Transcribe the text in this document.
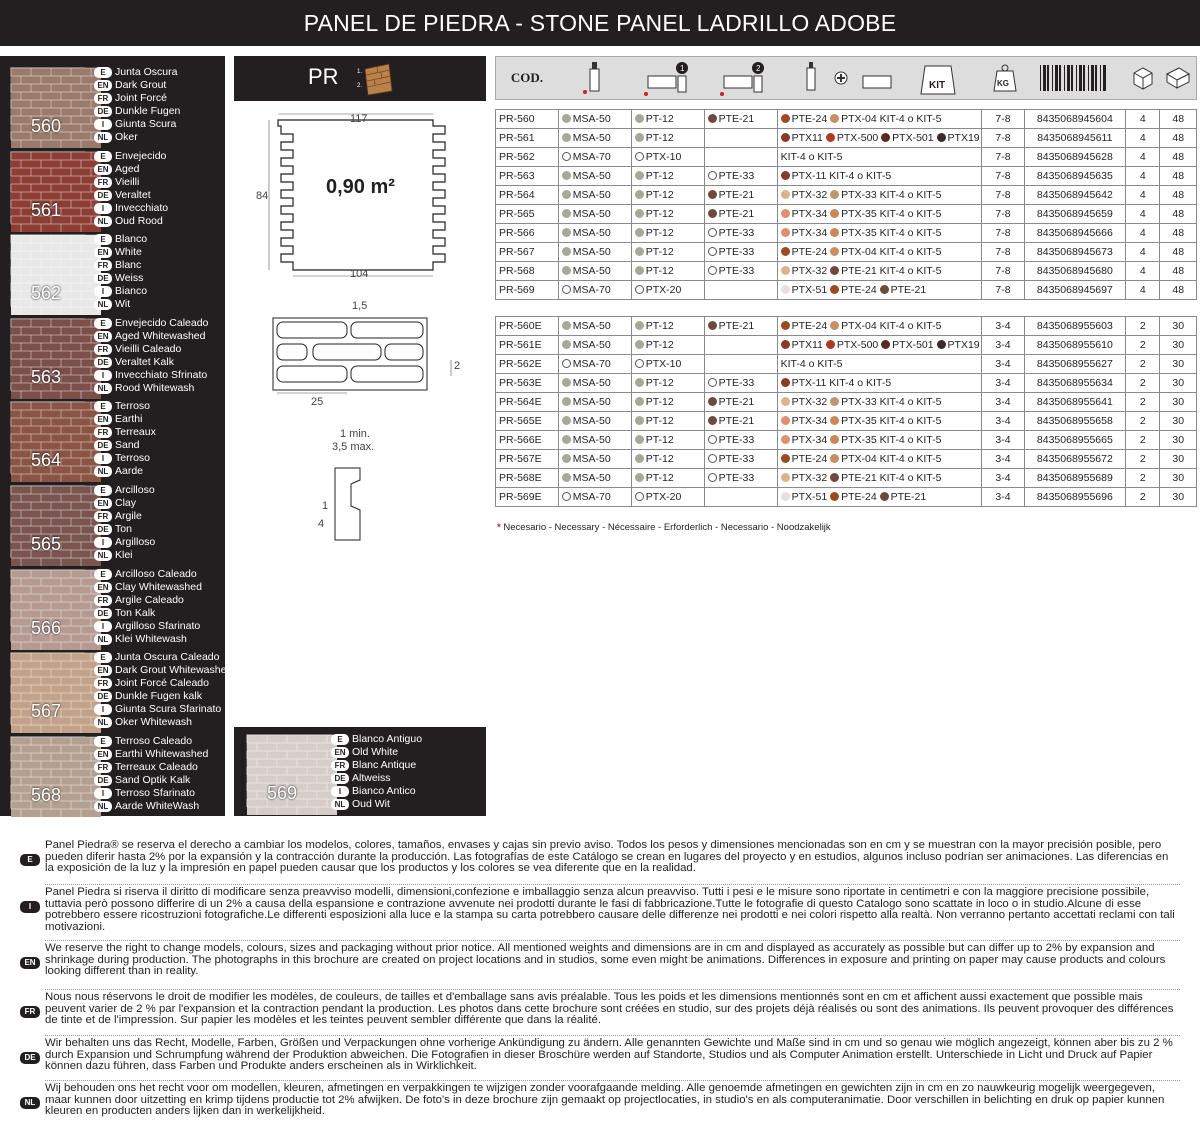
PANEL DE PIEDRA - STONE PANEL LADRILLO ADOBE
560
E Junta Oscura
EN Dark Grout
FR Joint Forcé
DE Dunkle Fugen
I	Giunta Scura
NL Oker
561
E Envejecido
EN Aged
FR Vieilli
DE Veraltet
I	Invecchiato
NL Oud Rood
562
E Blanco
EN White
FR Blanc
DE Weiss
I	Bianco
NL Wit
563
E Envejecido Caleado
EN Aged Whitewashed
FR Vieilli Caleado
DE Veraltet Kalk
I	Invecchiato Sfrinato
NL Rood Whitewash
564
E Terroso
EN Earthi
FR Terreaux
DE Sand
I	Terroso
NL Aarde
565
E Arcilloso
EN Clay
FR Argile
DE Ton
I	Argilloso
NL Klei
566
E Arcilloso Caleado
EN Clay Whitewashed
FR Argile Caleado
DE Ton Kalk
I	Argilloso Sfarinato
NL Klei Whitewash
567
E Junta Oscura Caleado
EN Dark Grout Whitewashed
FR Joint Forcé Caleado
DE Dunkle Fugen kalk
I	Giunta Scura Sfarinato
NL Oker Whitewash
568
E Terroso Caleado
EN Earthi Whitewashed
FR Terreaux Caleado
DE Sand Optik Kalk
I	Terroso Sfarinato
NL Aarde WhiteWash
PR	1.
2.
117
84
104
0,90 m²
1,5
2
25
1 min.
3,5 max.
1
4
569
E Blanco Antiguo
EN Old White
FR Blanc Antique
DE Altweiss
I	Bianco Antico
NL Oud Wit
COD.
1	2
KIT	KG
PR-560	MSA-50	PT-12	PTE-21	PTE-24 PTX-04 KIT-4 o KIT-5	7-8	8435068945604	4	48
PR-561	MSA-50	PT-12		PTX11 PTX-500 PTX-501 PTX19	7-8	8435068945611	4	48
PR-562	MSA-70	PTX-10		KIT-4 o KIT-5	7-8	8435068945628	4	48
PR-563	MSA-50	PT-12	PTE-33	PTX-11 KIT-4 o KIT-5	7-8	8435068945635	4	48
PR-564	MSA-50	PT-12	PTE-21	PTX-32 PTX-33 KIT-4 o KIT-5	7-8	8435068945642	4	48
PR-565	MSA-50	PT-12	PTE-21	PTX-34 PTX-35 KIT-4 o KIT-5	7-8	8435068945659	4	48
PR-566	MSA-50	PT-12	PTE-33	PTX-34 PTX-35 KIT-4 o KIT-5	7-8	8435068945666	4	48
PR-567	MSA-50	PT-12	PTE-33	PTE-24 PTX-04 KIT-4 o KIT-5	7-8	8435068945673	4	48
PR-568	MSA-50	PT-12	PTE-33	PTX-32 PTE-21 KIT-4 o KIT-5	7-8	8435068945680	4	48
PR-569	MSA-70	PTX-20		PTX-51 PTE-24 PTE-21	7-8	8435068945697	4	48
PR-560E	MSA-50	PT-12	PTE-21	PTE-24 PTX-04 KIT-4 o KIT-5	3-4	8435068955603	2	30
PR-561E	MSA-50	PT-12		PTX11 PTX-500 PTX-501 PTX19	3-4	8435068955610	2	30
PR-562E	MSA-70	PTX-10		KIT-4 o KIT-5	3-4	8435068955627	2	30
PR-563E	MSA-50	PT-12	PTE-33	PTX-11 KIT-4 o KIT-5	3-4	8435068955634	2	30
PR-564E	MSA-50	PT-12	PTE-21	PTX-32 PTX-33 KIT-4 o KIT-5	3-4	8435068955641	2	30
PR-565E	MSA-50	PT-12	PTE-21	PTX-34 PTX-35 KIT-4 o KIT-5	3-4	8435068955658	2	30
PR-566E	MSA-50	PT-12	PTE-33	PTX-34 PTX-35 KIT-4 o KIT-5	3-4	8435068955665	2	30
PR-567E	MSA-50	PT-12	PTE-33	PTE-24 PTX-04 KIT-4 o KIT-5	3-4	8435068955672	2	30
PR-568E	MSA-50	PT-12	PTE-33	PTX-32 PTE-21 KIT-4 o KIT-5	3-4	8435068955689	2	30
PR-569E	MSA-70	PTX-20		PTX-51 PTE-24 PTE-21	3-4	8435068955696	2	30
* Necesario - Necessary - Nécessaire - Erforderlich - Necessario - Noodzakelijk
E
Panel Piedra® se reserva el derecho a cambiar los modelos, colores, tamaños, envases y cajas sin previo aviso. Todos los pesos y dimensiones mencionadas son en cm y se muestran con la mayor precisión posible, pero pueden diferir hasta 2% por la expansión y la contracción durante la producción. Las fotografías de este Catálogo se crean en lugares del proyecto y en estudios, algunos incluso podrían ser animaciones. Las diferencias en la exposición de la luz y la impresión en papel pueden causar que los productos y los colores se vea diferente que en la realidad.
I
Panel Piedra si riserva il diritto di modificare senza preavviso modelli, dimensioni,confezione e imballaggio senza alcun preavviso. Tutti i pesi e le misure sono riportate in centimetri e con la maggiore precisione possibile, tuttavia però possono differire di un 2% a causa della espansione e contrazione avvenute nei prodotti durante le fasi di fabbricazione.Tutte le fotografie di questo Catalogo sono scattate in loco o in studio.Alcune di esse potrebbero essere ricostruzioni fotografiche.Le differenti esposizioni alla luce e la stampa su carta potrebbero causare delle differenze nei prodotti e nei colori rispetto alla realtà. Non verranno pertanto accettati reclami con tali motivazioni.
EN
We reserve the right to change models, colours, sizes and packaging without prior notice. All mentioned weights and dimensions are in cm and displayed as accurately as possible but can differ up to 2% by expansion and shrinkage during production. The photographs in this brochure are created on project locations and in studios, some even might be animations. Differences in exposure and printing on paper may cause products and colours looking different than in reality.
FR
Nous nous réservons le droit de modifier les modèles, de couleurs, de tailles et d'emballage sans avis préalable. Tous les poids et les dimensions mentionnés sont en cm et affichent aussi exactement que possible mais peuvent varier de 2 % par l'expansion et la contraction pendant la production. Les photos dans cette brochure sont créées en studio, sur des projets déjà réalisés ou sont des animations. Ils peuvent provoquer des différences de tinte et de l'impression. Sur papier les modèles et les teintes peuvent sembler différente que dans la réalité.
DE
Wir behalten uns das Recht, Modelle, Farben, Größen und Verpackungen ohne vorherige Ankündigung zu ändern. Alle genannten Gewichte und Maße sind in cm und so genau wie möglich angezeigt, können aber bis zu 2 % durch Expansion und Schrumpfung während der Produktion abweichen. Die Fotografien in dieser Broschüre werden auf Standorte, Studios und als Computer Animation erstellt. Unterschiede in Licht und Druck auf Papier können dazu führen, dass Farben und Produkte anders erscheinen als in Wirklichkeit.
NL
Wij behouden ons het recht voor om modellen, kleuren, afmetingen en verpakkingen te wijzigen zonder voorafgaande melding. Alle genoemde afmetingen en gewichten zijn in cm en zo nauwkeurig mogelijk weergegeven, maar kunnen door uitzetting en krimp tijdens productie tot 2% afwijken. De foto's in deze brochure zijn gemaakt op projectlocaties, in studio's en als computeranimatie. Door verschillen in belichting en druk op papier kunnen kleuren en producten anders lijken dan in werkelijkheid.
